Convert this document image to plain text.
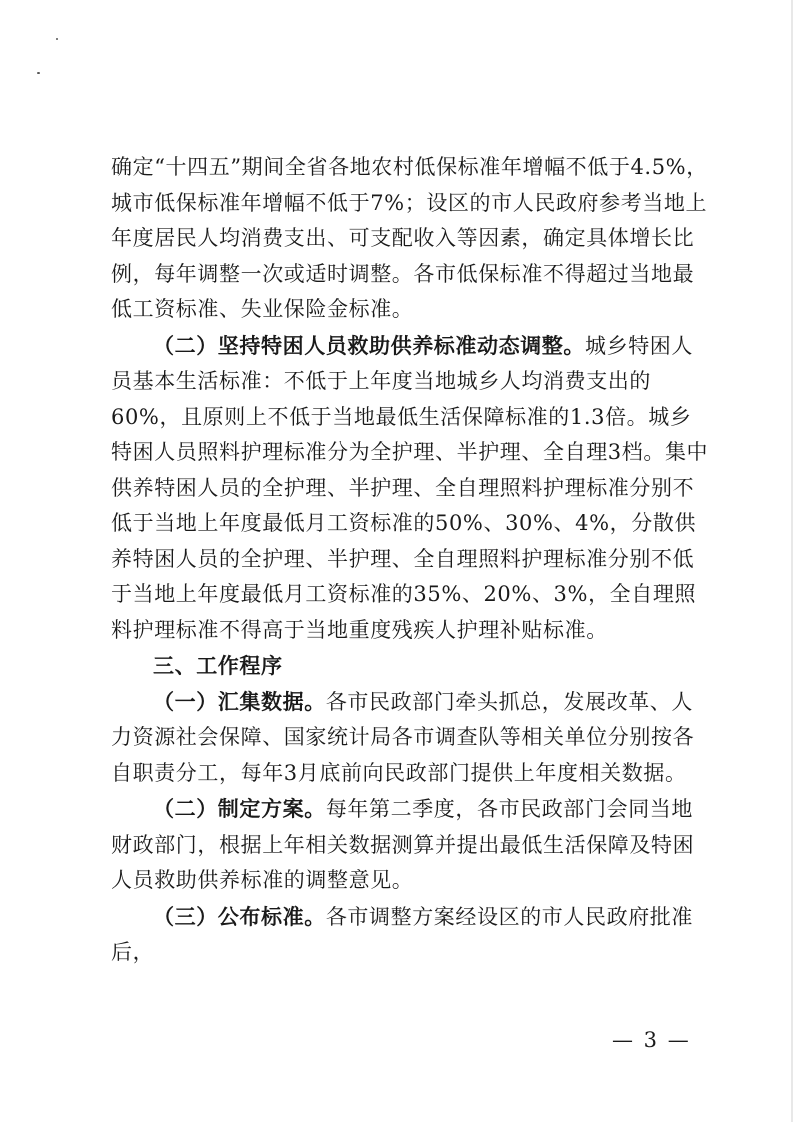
确定“十四五”期间全省各地农村低保标准年增幅不低于4.5%，城市低保标准年增幅不低于7%；设区的市人民政府参考当地上年度居民人均消费支出、可支配收入等因素，确定具体增长比例，每年调整一次或适时调整。各市低保标准不得超过当地最低工资标准、失业保险金标准。

（二）坚持特困人员救助供养标准动态调整。城乡特困人员基本生活标准：不低于上年度当地城乡人均消费支出的60%，且原则上不低于当地最低生活保障标准的1.3倍。城乡特困人员照料护理标准分为全护理、半护理、全自理3档。集中供养特困人员的全护理、半护理、全自理照料护理标准分别不低于当地上年度最低月工资标准的50%、30%、4%，分散供养特困人员的全护理、半护理、全自理照料护理标准分别不低于当地上年度最低月工资标准的35%、20%、3%，全自理照料护理标准不得高于当地重度残疾人护理补贴标准。

三、工作程序

（一）汇集数据。各市民政部门牵头抓总，发展改革、人力资源社会保障、国家统计局各市调查队等相关单位分别按各自职责分工，每年3月底前向民政部门提供上年度相关数据。

（二）制定方案。每年第二季度，各市民政部门会同当地财政部门，根据上年相关数据测算并提出最低生活保障及特困人员救助供养标准的调整意见。

（三）公布标准。各市调整方案经设区的市人民政府批准后，

— 3 —
